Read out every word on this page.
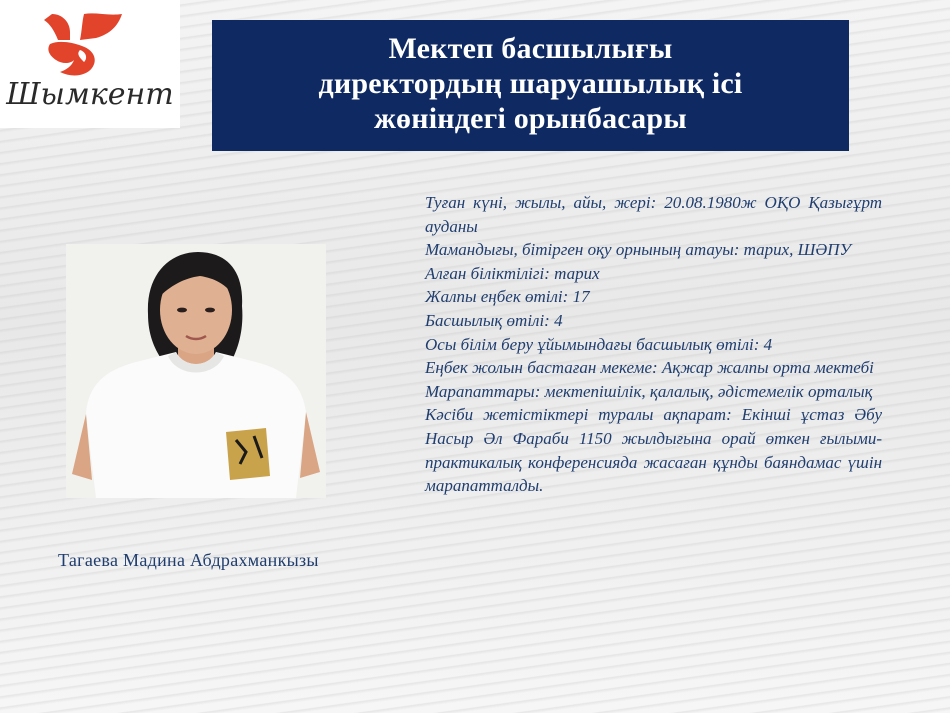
Шымкент
Мектеп басшылығы
директордың шаруашылық ісі
жөніндегі орынбасары
Тагаева Мадина Абдрахманкызы

Туған күні, жылы, айы, жері: 20.08.1980ж ОҚО Қазығұрт ауданы

Мамандығы, бітірген оқу орнының атауы: тарих, ШӘПУ

Алған біліктілігі: тарих

Жалпы еңбек өтілі: 17

Басшылық өтілі: 4

Осы білім беру ұйымындағы басшылық өтілі: 4

Еңбек жолын бастаған мекеме: Ақжар жалпы орта мектебі

Марапаттары: мектепішілік, қалалық, әдістемелік орталық

Кәсіби жетістіктері туралы ақпарат: Екінші ұстаз Әбу Насыр Әл Фараби 1150 жылдығына орай өткен ғылыми-практикалық конференсияда жасаған құнды баяндамас үшін марапатталды.
